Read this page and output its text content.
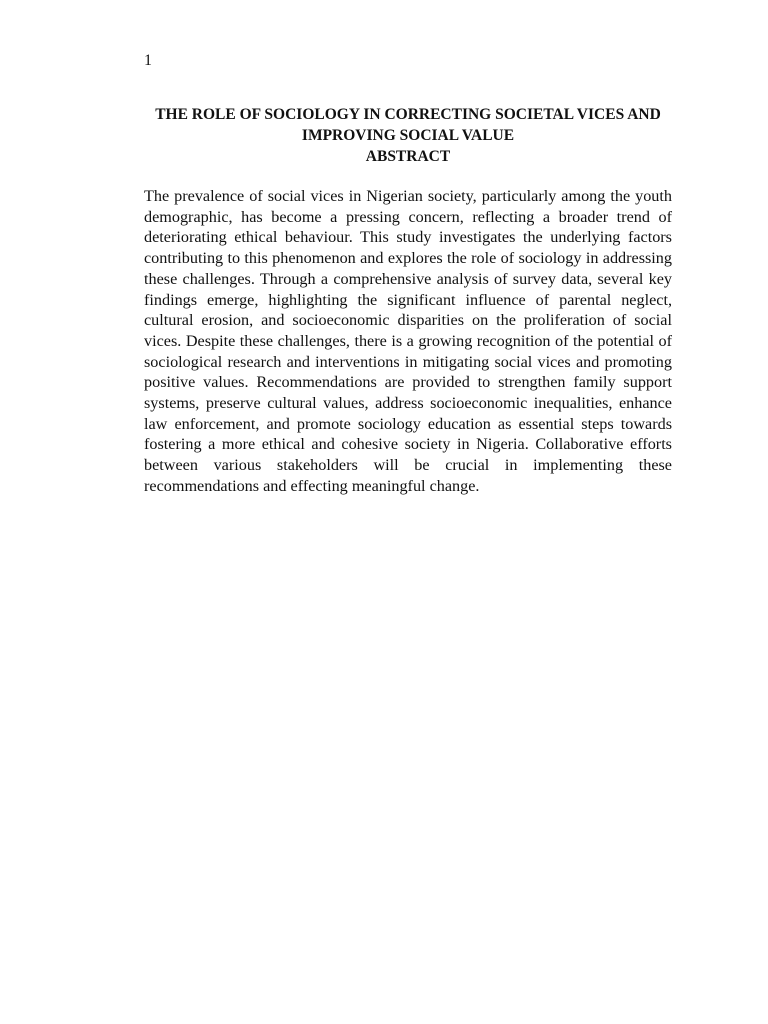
1
THE ROLE OF SOCIOLOGY IN CORRECTING SOCIETAL VICES AND
IMPROVING SOCIAL VALUE
ABSTRACT

The prevalence of social vices in Nigerian society, particularly among the youth demographic, has become a pressing concern, reflecting a broader trend of deteriorating ethical behaviour. This study investigates the underlying factors contributing to this phenomenon and explores the role of sociology in addressing these challenges. Through a comprehensive analysis of survey data, several key findings emerge, highlighting the significant influence of parental neglect, cultural erosion, and socioeconomic disparities on the proliferation of social vices. Despite these challenges, there is a growing recognition of the potential of sociological research and interventions in mitigating social vices and promoting positive values. Recommendations are provided to strengthen family support systems, preserve cultural values, address socioeconomic inequalities, enhance law enforcement, and promote sociology education as essential steps towards fostering a more ethical and cohesive society in Nigeria. Collaborative efforts between various stakeholders will be crucial in implementing these recommendations and effecting meaningful change.
